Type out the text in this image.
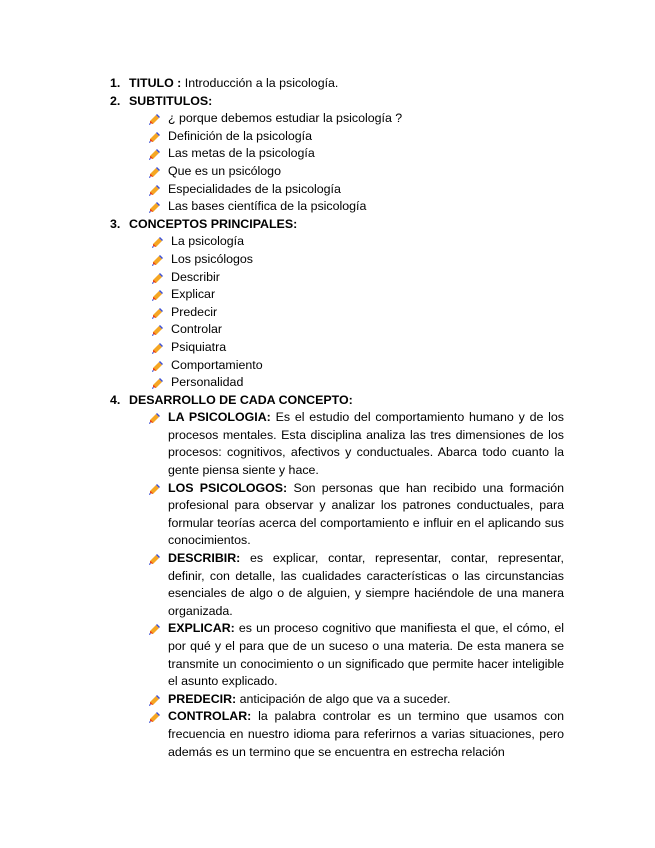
1. TITULO : Introducción a la psicología.
2. SUBTITULOS:
¿ porque debemos estudiar la psicología ?
Definición de la psicología
Las metas de la psicología
Que es un psicólogo
Especialidades de la psicología
Las bases científica de la psicología
3. CONCEPTOS PRINCIPALES:
La psicología
Los psicólogos
Describir
Explicar
Predecir
Controlar
Psiquiatra
Comportamiento
Personalidad
4. DESARROLLO DE CADA CONCEPTO:
LA PSICOLOGIA: Es el estudio del comportamiento humano y de los procesos mentales. Esta disciplina analiza las tres dimensiones de los procesos: cognitivos, afectivos y conductuales. Abarca todo cuanto la gente piensa siente y hace.
LOS PSICOLOGOS: Son personas que han recibido una formación profesional para observar y analizar los patrones conductuales, para formular teorías acerca del comportamiento e influir en el aplicando sus conocimientos.
DESCRIBIR: es explicar, contar, representar, contar, representar, definir, con detalle, las cualidades características o las circunstancias esenciales de algo o de alguien, y siempre haciéndole de una manera organizada.
EXPLICAR: es un proceso cognitivo que manifiesta el que, el cómo, el por qué y el para que de un suceso o una materia. De esta manera se transmite un conocimiento o un significado que permite hacer inteligible el asunto explicado.
PREDECIR: anticipación de algo que va a suceder.
CONTROLAR: la palabra controlar es un termino que usamos con frecuencia en nuestro idioma para referirnos a varias situaciones, pero además es un termino que se encuentra en estrecha relación
